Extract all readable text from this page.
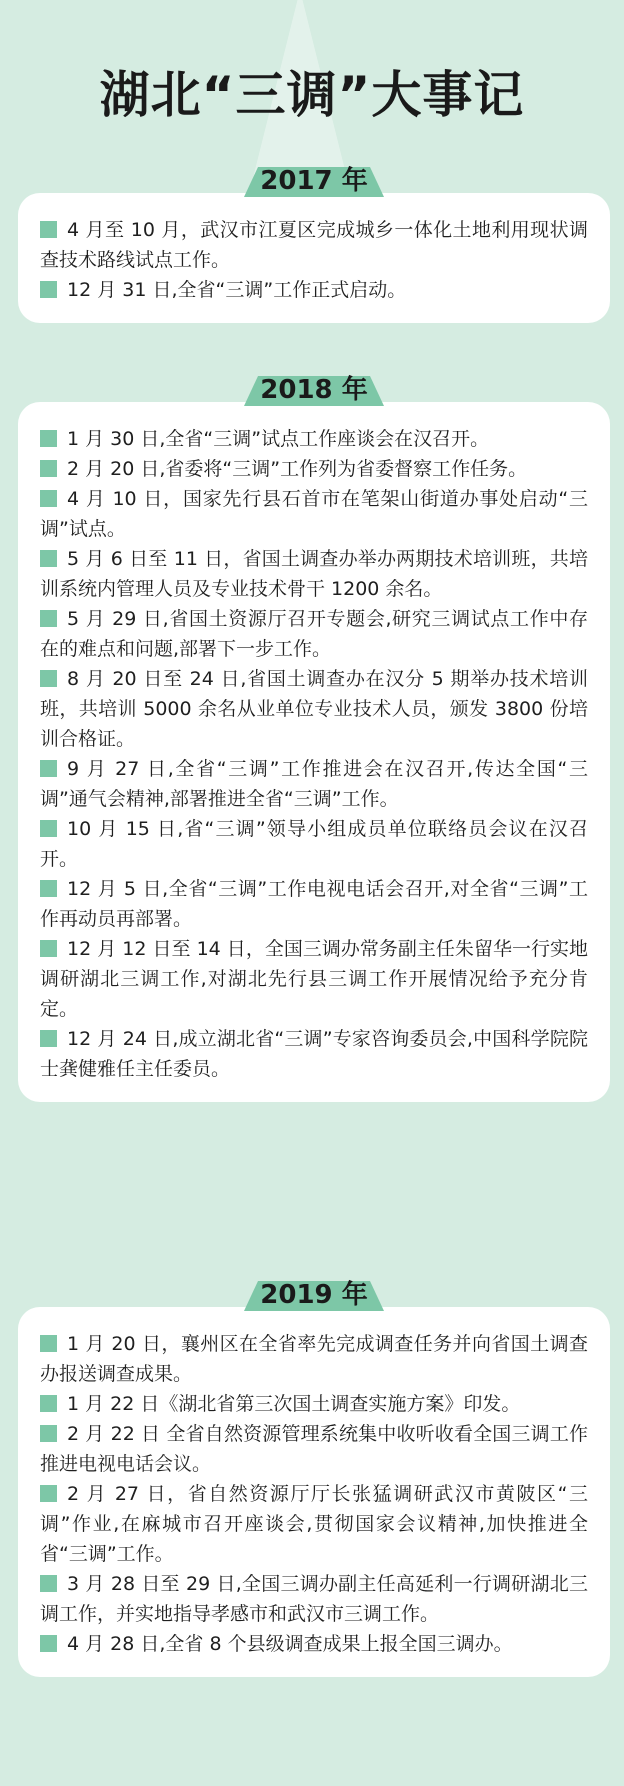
湖北“三调”大事记
2017 年

4 月至 10 月，武汉市江夏区完成城乡一体化土地利用现状调查技术路线试点工作。

12 月 31 日,全省“三调”工作正式启动。

2018 年

1 月 30 日,全省“三调”试点工作座谈会在汉召开。

2 月 20 日,省委将“三调”工作列为省委督察工作任务。

4 月 10 日，国家先行县石首市在笔架山街道办事处启动“三调”试点。

5 月 6 日至 11 日，省国土调查办举办两期技术培训班，共培训系统内管理人员及专业技术骨干 1200 余名。

5 月 29 日,省国土资源厅召开专题会,研究三调试点工作中存在的难点和问题,部署下一步工作。

8 月 20 日至 24 日,省国土调查办在汉分 5 期举办技术培训班，共培训 5000 余名从业单位专业技术人员，颁发 3800 份培训合格证。

9 月 27 日,全省“三调”工作推进会在汉召开,传达全国“三调”通气会精神,部署推进全省“三调”工作。

10 月 15 日,省“三调”领导小组成员单位联络员会议在汉召开。

12 月 5 日,全省“三调”工作电视电话会召开,对全省“三调”工作再动员再部署。

12 月 12 日至 14 日，全国三调办常务副主任朱留华一行实地调研湖北三调工作,对湖北先行县三调工作开展情况给予充分肯定。

12 月 24 日,成立湖北省“三调”专家咨询委员会,中国科学院院士龚健雅任主任委员。

2019 年

1 月 20 日，襄州区在全省率先完成调查任务并向省国土调查办报送调查成果。

1 月 22 日《湖北省第三次国土调查实施方案》印发。

2 月 22 日 全省自然资源管理系统集中收听收看全国三调工作推进电视电话会议。

2 月 27 日，省自然资源厅厅长张猛调研武汉市黄陂区“三调”作业,在麻城市召开座谈会,贯彻国家会议精神,加快推进全省“三调”工作。

3 月 28 日至 29 日,全国三调办副主任高延利一行调研湖北三调工作，并实地指导孝感市和武汉市三调工作。

4 月 28 日,全省 8 个县级调查成果上报全国三调办。
